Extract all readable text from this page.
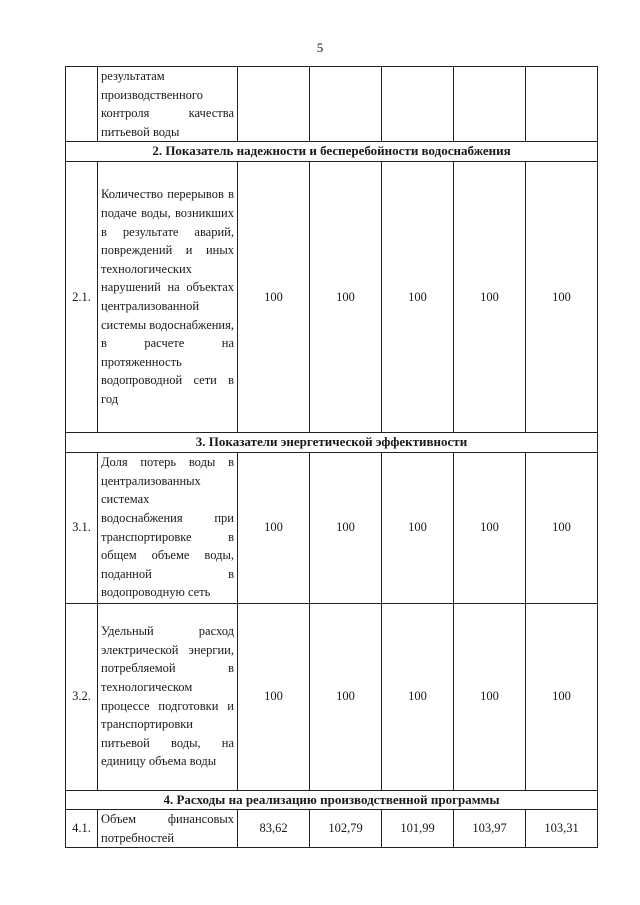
5
	результатам производственного контроля качества питьевой воды					
2. Показатель надежности и бесперебойности водоснабжения						
2.1.	Количество перерывов в подаче воды, возникших в результате аварий, повреждений и иных технологических нарушений на объектах централизованной системы водоснабжения, в расчете на протяженность водопроводной сети в год	100	100	100	100	100
3. Показатели энергетической эффективности						
3.1.	Доля потерь воды в централизованных системах водоснабжения при транспортировке в общем объеме воды, поданной в водопроводную сеть	100	100	100	100	100
3.2.	Удельный расход электрической энергии, потребляемой в технологическом процессе подготовки и транспортировки питьевой воды, на единицу объема воды	100	100	100	100	100
4. Расходы на реализацию производственной программы						
4.1.	Объем финансовых потребностей	83,62	102,79	101,99	103,97	103,31
